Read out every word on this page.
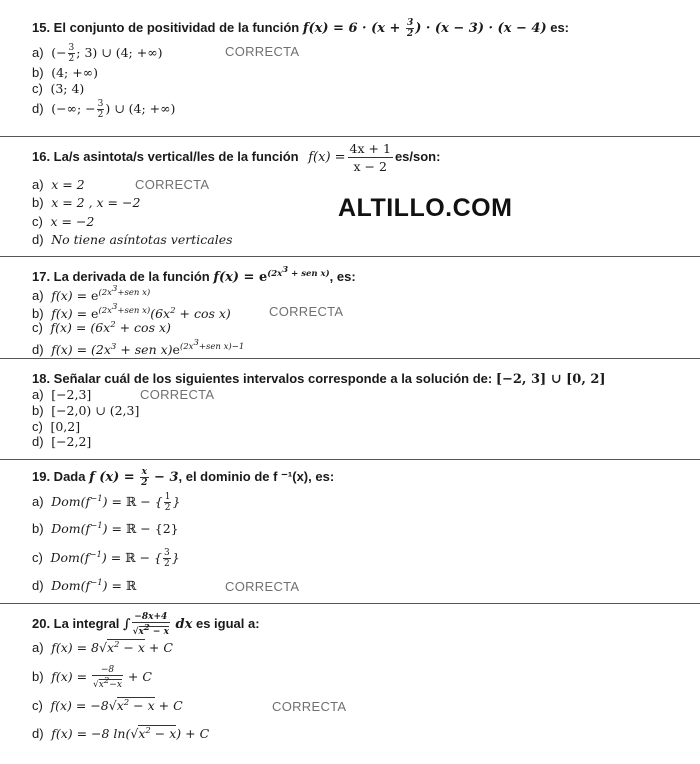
ALTILLO.COM
15. El conjunto de positividad de la función $f(x) = 6 \cdot (x + \frac{3}{2}$ ) · (x − 3) · (x − 4) es:
a) (− $\frac{3}{2}$ ; 3) ∪ (4; +∞)	CORRECTA
b) (4; +∞)
c) (3; 4)
d) (−∞; − $\frac{3}{2}$ ) ∪ (4; +∞)
16. La/s asintota/s vertical/les de la función $f(x) = \frac{4x + 1}{x - 2} es/son$:
a) x = 2	CORRECTA
b) x = 2 , x = −2
c) x = −2
d) No tiene asíntotas verticales
17. La derivada de la función $f(x) = e^{(2x^3 + sen x)}$, es:
a) $f(x) = e^{(2x^3+sen x)}$
b) $f(x) = e^{(2x^3+sen x)}(6x^2 + \cos x)$	CORRECTA
c) $f(x) = (6x^2 + \cos x)$
d) $f(x) = (2x^3$ + sen $x)e^{(2x^3+sen x)-1}$
18. Señalar cuál de los siguientes intervalos corresponde a la solución de: [−2, 3] ∪ [0, 2]
a) [−2,3]	CORRECTA
b) [−2,0) ∪ (2,3]
c) [0,2]
d) [−2,2]
19. Dada f $(x) = \frac{x}{2} - 3$, el dominio de f ⁻¹(x), es:
a) $Dom(f^{-1})$ = ℝ − { $\frac{1}{2}$ }
b) $Dom(f^{-1})$ = ℝ − {2}
c) $Dom(f^{-1})$ = ℝ − { $\frac{3}{2}$ }
d) $Dom(f^{-1})$ = ℝ	CORRECTA
20. La integral ∫ $\frac{-8x+4}{√x^2 - x}$ dx es igual a:
a) $f(x) = 8√x^2 - x + C$
b) $f(x) = \frac{-8}{√x^2-x} + C$
c) $f(x) = -8√x^2 - x + C$	CORRECTA
d) f(x) = −8 $\ln(√x^2 - x) + C$
